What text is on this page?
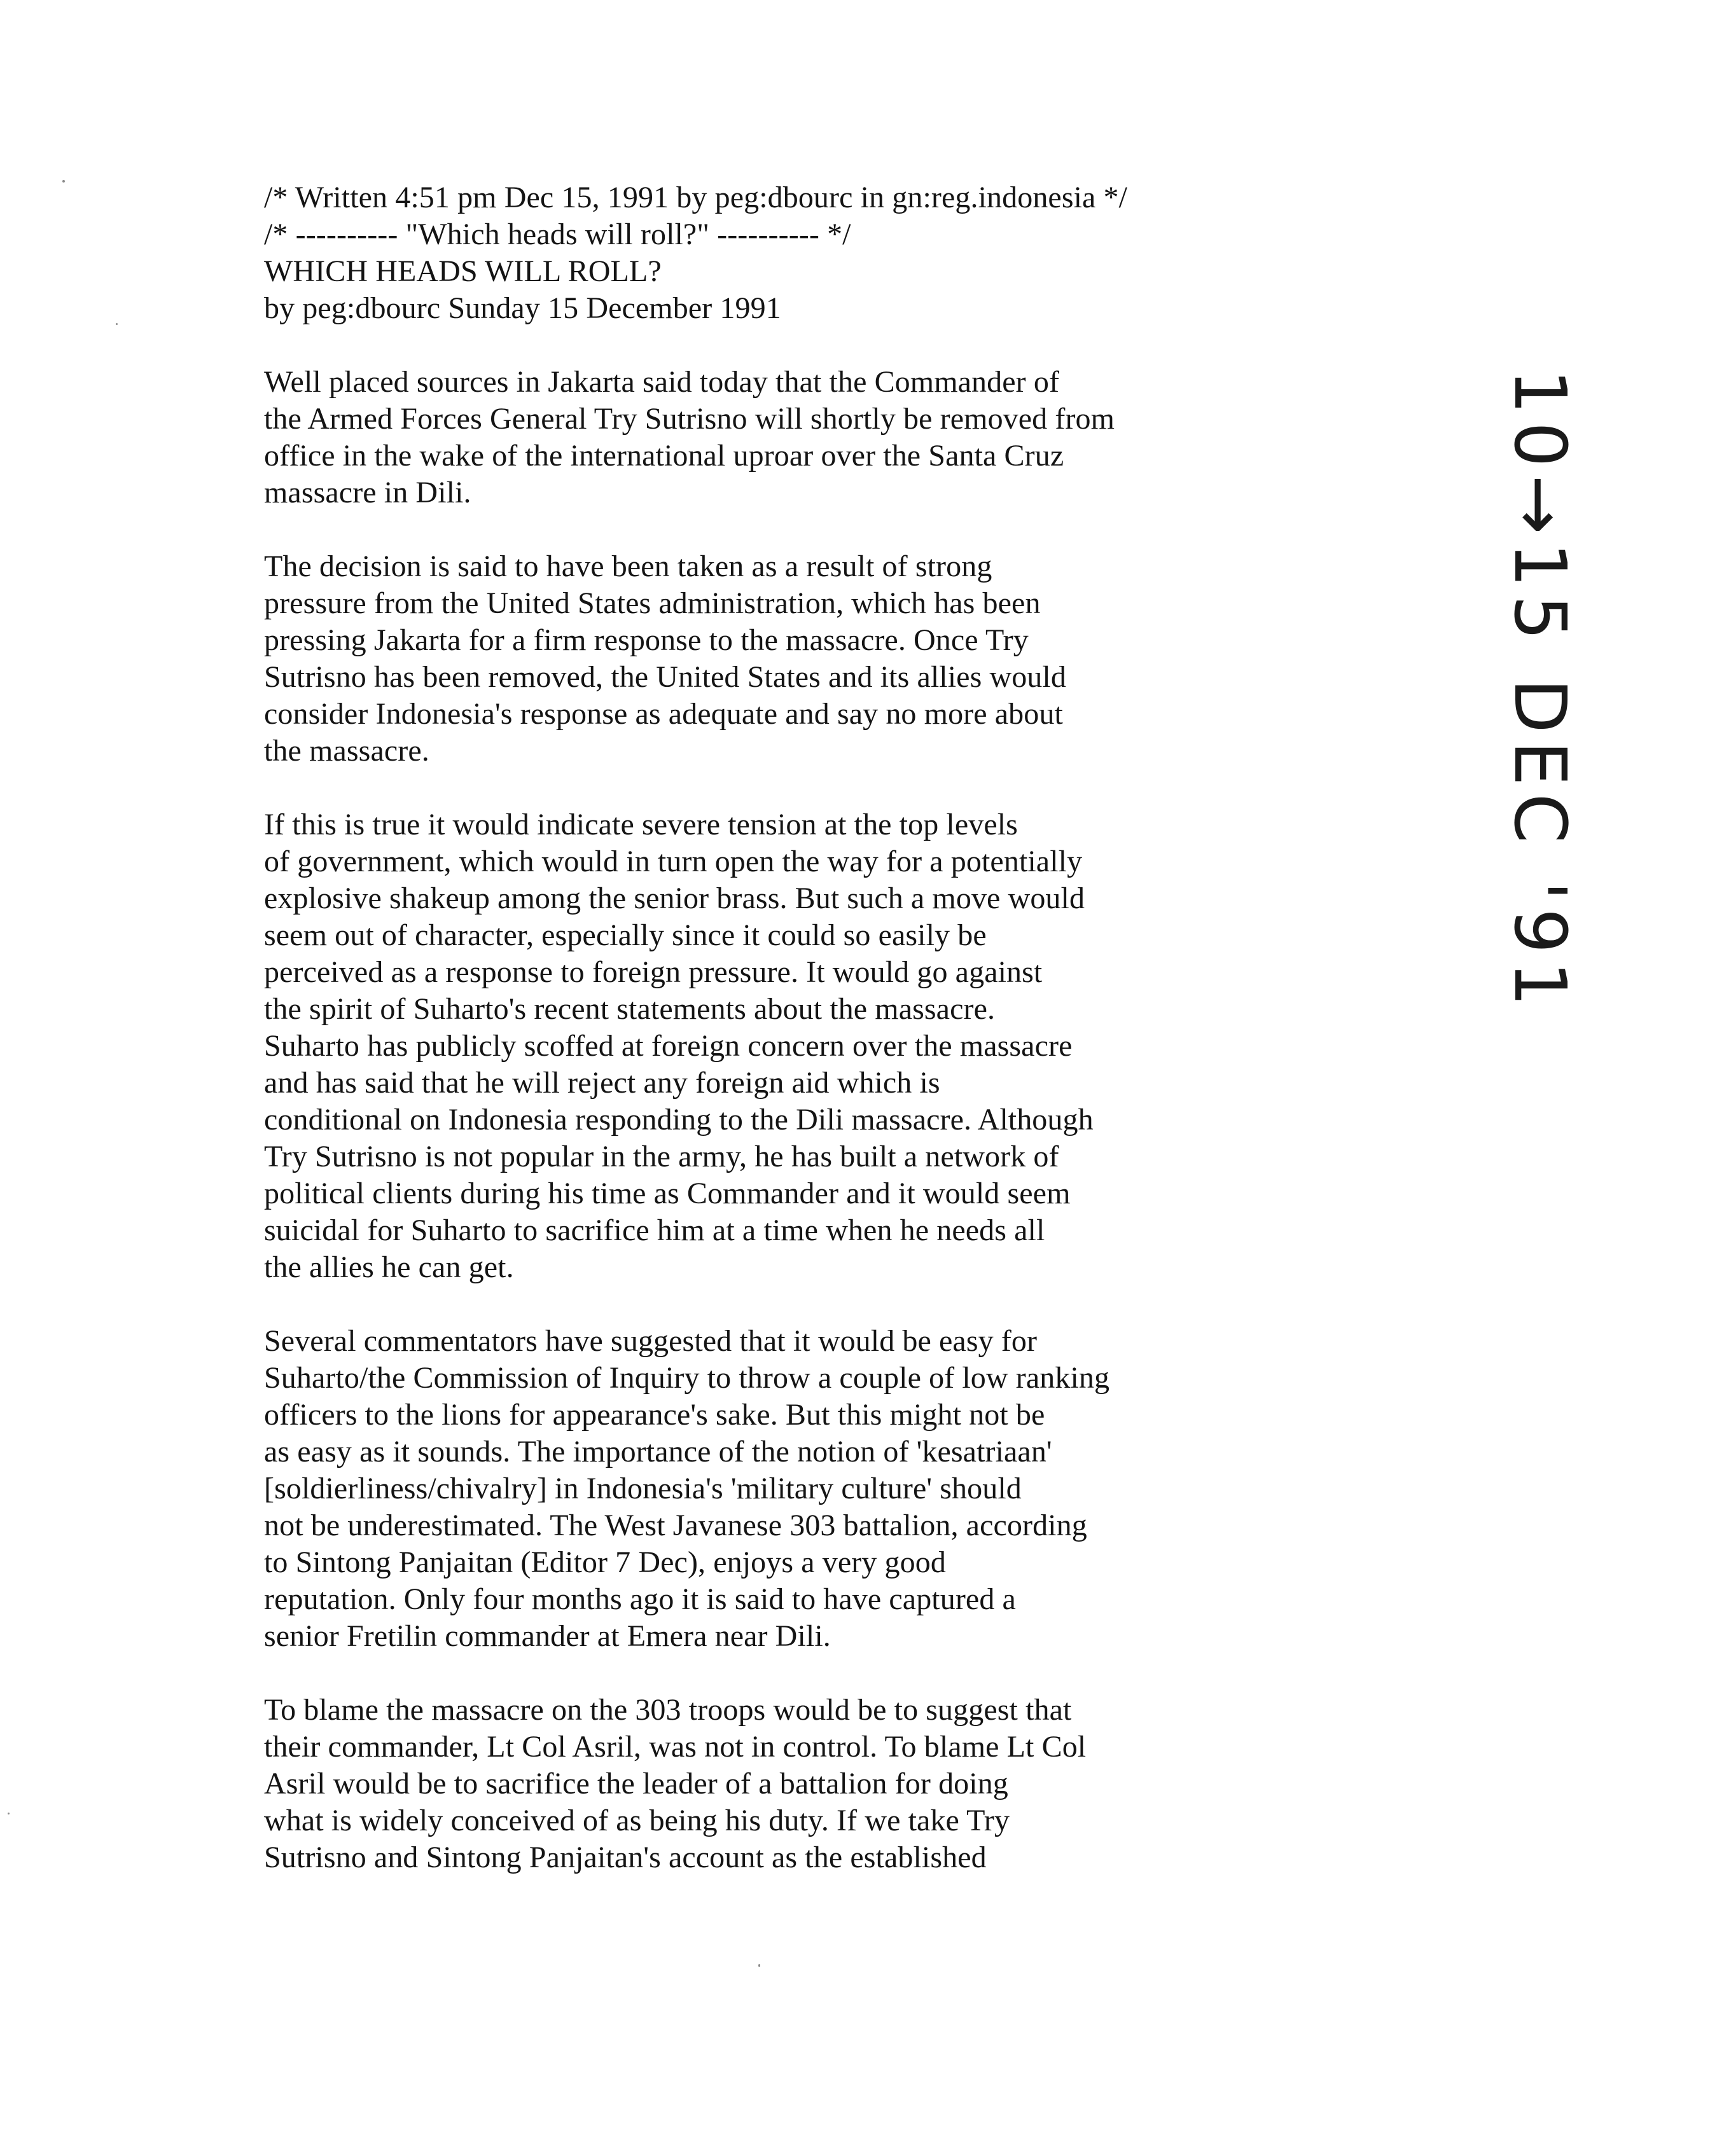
/* Written 4:51 pm Dec 15, 1991 by peg:dbourc in gn:reg.indonesia */
/* ---------- "Which heads will roll?" ---------- */
WHICH HEADS WILL ROLL?
by peg:dbourc Sunday 15 December 1991
Well placed sources in Jakarta said today that the Commander of
the Armed Forces General Try Sutrisno will shortly be removed from
office in the wake of the international uproar over the Santa Cruz
massacre in Dili.
The decision is said to have been taken as a result of strong
pressure from the United States administration, which has been
pressing Jakarta for a firm response to the massacre. Once Try
Sutrisno has been removed, the United States and its allies would
consider Indonesia's response as adequate and say no more about
the massacre.
If this is true it would indicate severe tension at the top levels
of government, which would in turn open the way for a potentially
explosive shakeup among the senior brass. But such a move would
seem out of character, especially since it could so easily be
perceived as a response to foreign pressure. It would go against
the spirit of Suharto's recent statements about the massacre.
Suharto has publicly scoffed at foreign concern over the massacre
and has said that he will reject any foreign aid which is
conditional on Indonesia responding to the Dili massacre. Although
Try Sutrisno is not popular in the army, he has built a network of
political clients during his time as Commander and it would seem
suicidal for Suharto to sacrifice him at a time when he needs all
the allies he can get.
Several commentators have suggested that it would be easy for
Suharto/the Commission of Inquiry to throw a couple of low ranking
officers to the lions for appearance's sake. But this might not be
as easy as it sounds. The importance of the notion of 'kesatriaan'
[soldierliness/chivalry] in Indonesia's 'military culture' should
not be underestimated. The West Javanese 303 battalion, according
to Sintong Panjaitan (Editor 7 Dec), enjoys a very good
reputation. Only four months ago it is said to have captured a
senior Fretilin commander at Emera near Dili.
To blame the massacre on the 303 troops would be to suggest that
their commander, Lt Col Asril, was not in control. To blame Lt Col
Asril would be to sacrifice the leader of a battalion for doing
what is widely conceived of as being his duty. If we take Try
Sutrisno and Sintong Panjaitan's account as the established
10→15 DEC '91
